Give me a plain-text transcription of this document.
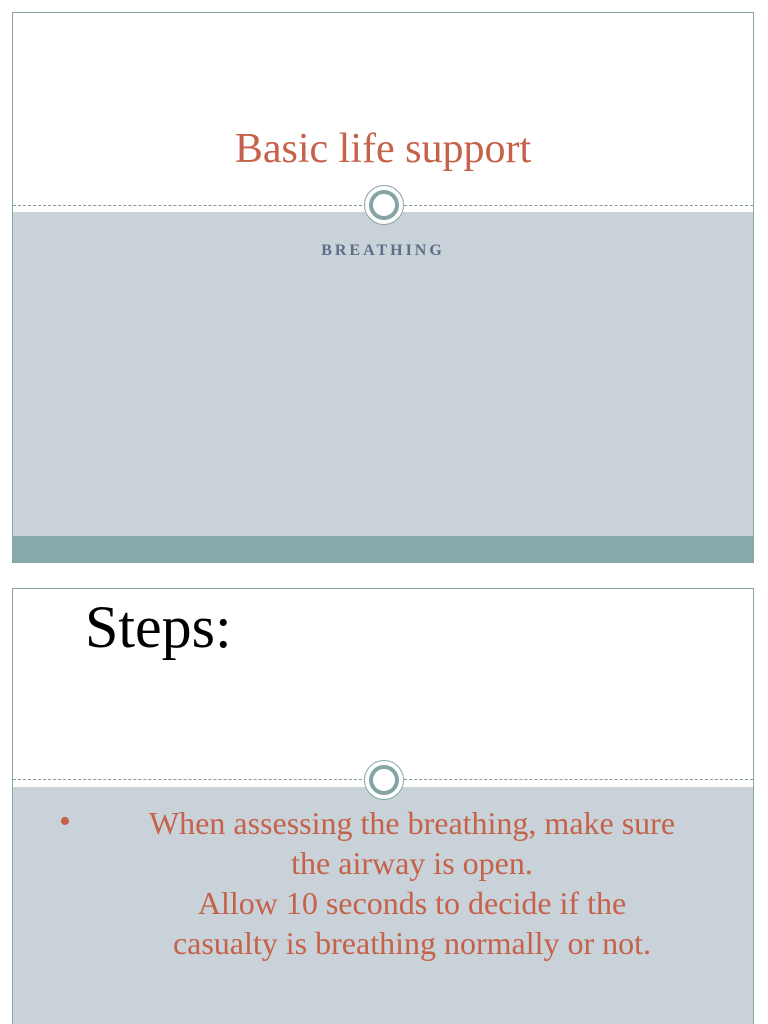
Basic life support
BREATHING
Steps:
•	When assessing the breathing, make sure
the airway is open.
Allow 10 seconds to decide if the
casualty is breathing normally or not.
